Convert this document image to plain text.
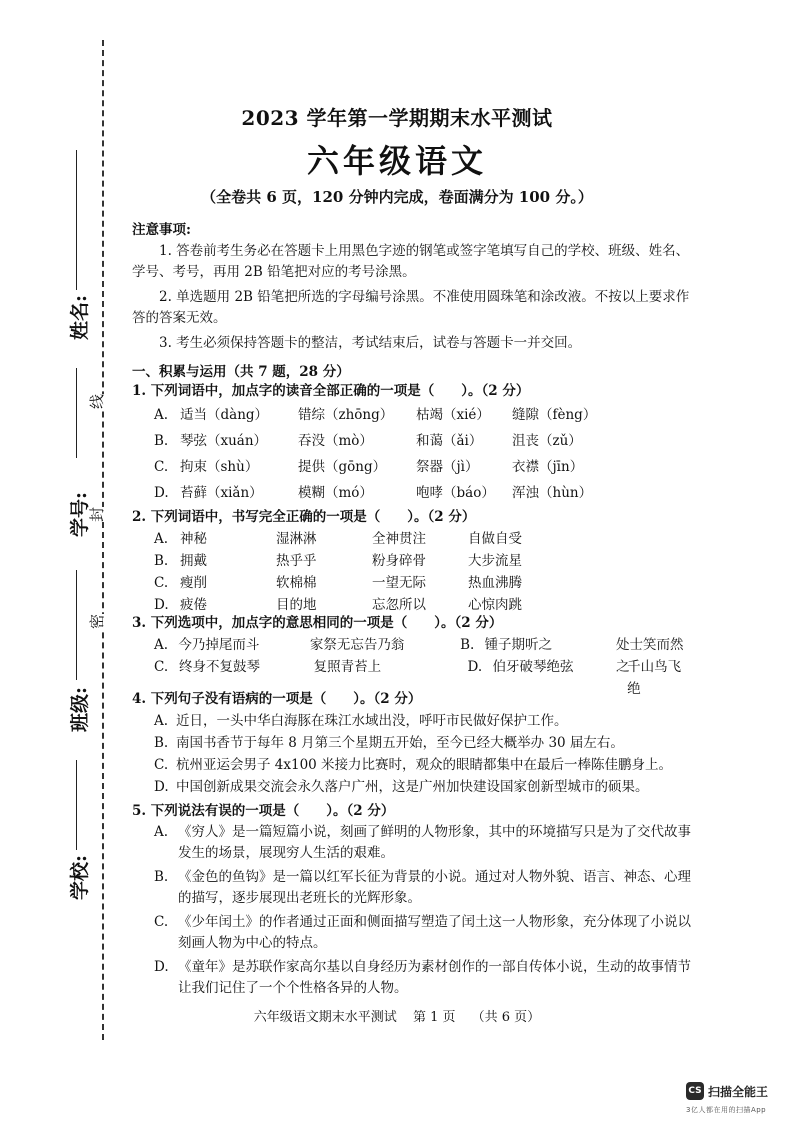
线
封
密
姓名:
学号:
班级:
学校:
2023 学年第一学期期末水平测试
六年级语文
（全卷共 6 页，120 分钟内完成，卷面满分为 100 分。）
注意事项:

1. 答卷前考生务必在答题卡上用黑色字迹的钢笔或签字笔填写自己的学校、班级、姓名、学号、考号，再用 2B 铅笔把对应的考号涂黑。

2. 单选题用 2B 铅笔把所选的字母编号涂黑。不准使用圆珠笔和涂改液。不按以上要求作答的答案无效。

3. 考生必须保持答题卡的整洁，考试结束后，试卷与答题卡一并交回。

一、积累与运用（共 7 题，28 分）
1. 下列词语中，加点字的读音全部正确的一项是（　　）。（2 分）
A. 适当（dàng）	错综（zhōng）	枯竭（xié）	缝隙（fèng）
B. 琴弦（xuán）	吞没（mò）	和蔼（ǎi）	沮丧（zǔ）
C. 拘束（shù）	提供（gōng）	祭器（jì）	衣襟（jīn）
D. 苔藓（xiǎn）	模糊（mó）	咆哮（báo）	浑浊（hùn）
2. 下列词语中，书写完全正确的一项是（　　）。（2 分）
A. 神秘	湿淋淋	全神贯注	自做自受
B. 拥戴	热乎乎	粉身碎骨	大步流星
C. 瘦削	软棉棉	一望无际	热血沸腾
D. 疲倦	目的地	忘忽所以	心惊肉跳
3. 下列选项中，加点字的意思相同的一项是（　　）。（2 分）
A. 今乃掉尾而斗	家祭无忘告乃翁	B. 锺子期听之	处士笑而然之
C. 终身不复鼓琴	复照青苔上	D. 伯牙破琴绝弦	千山鸟飞绝
4. 下列句子没有语病的一项是（　　）。（2 分）
A. 近日，一头中华白海豚在珠江水域出没，呼吁市民做好保护工作。
B. 南国书香节于每年 8 月第三个星期五开始，至今已经大概举办 30 届左右。
C. 杭州亚运会男子 4x100 米接力比赛时，观众的眼睛都集中在最后一棒陈佳鹏身上。
D. 中国创新成果交流会永久落户广州，这是广州加快建设国家创新型城市的硕果。
5. 下列说法有误的一项是（　　）。（2 分）
A. 《穷人》是一篇短篇小说，刻画了鲜明的人物形象，其中的环境描写只是为了交代故事发生的场景，展现穷人生活的艰难。
B. 《金色的鱼钩》是一篇以红军长征为背景的小说。通过对人物外貌、语言、神态、心理的描写，逐步展现出老班长的光辉形象。
C. 《少年闰土》的作者通过正面和侧面描写塑造了闰土这一人物形象，充分体现了小说以刻画人物为中心的特点。
D. 《童年》是苏联作家高尔基以自身经历为素材创作的一部自传体小说，生动的故事情节让我们记住了一个个性格各异的人物。
六年级语文期末水平测试 第 1 页 （共 6 页）
CS 扫描全能王
3亿人都在用的扫描App
